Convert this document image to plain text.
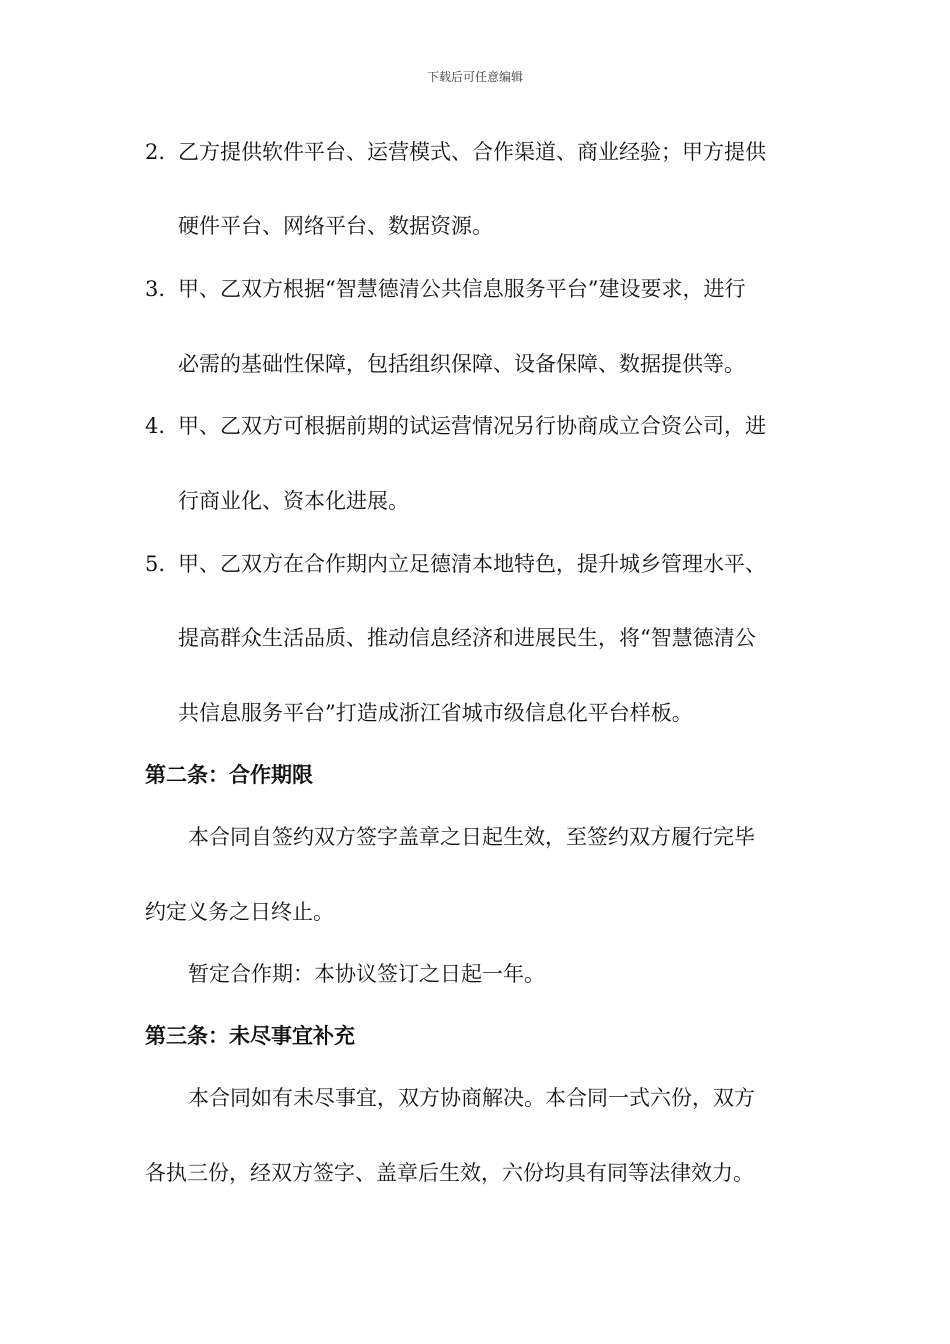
下载后可任意编辑
2. 乙方提供软件平台、运营模式、合作渠道、商业经验；甲方提供
硬件平台、网络平台、数据资源。
3. 甲、乙双方根据“智慧德清公共信息服务平台”建设要求，进行
必需的基础性保障，包括组织保障、设备保障、数据提供等。
4. 甲、乙双方可根据前期的试运营情况另行协商成立合资公司，进
行商业化、资本化进展。
5. 甲、乙双方在合作期内立足德清本地特色，提升城乡管理水平、
提高群众生活品质、推动信息经济和进展民生，将“智慧德清公
共信息服务平台”打造成浙江省城市级信息化平台样板。
第二条：合作期限
本合同自签约双方签字盖章之日起生效，至签约双方履行完毕
约定义务之日终止。
暂定合作期：本协议签订之日起一年。
第三条：未尽事宜补充
本合同如有未尽事宜，双方协商解决。本合同一式六份，双方
各执三份，经双方签字、盖章后生效，六份均具有同等法律效力。
